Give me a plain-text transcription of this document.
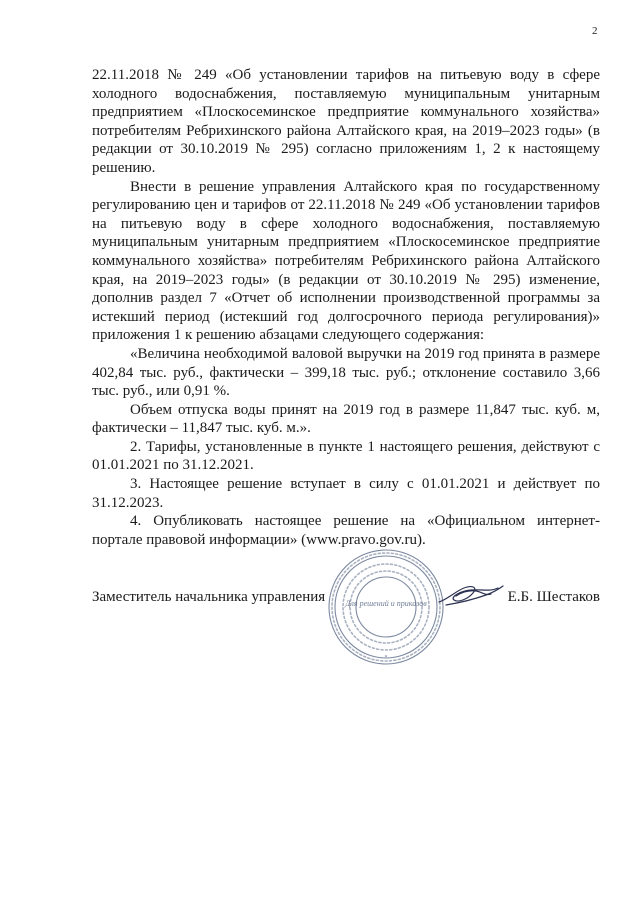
2

22.11.2018 № 249 «Об установлении тарифов на питьевую воду в сфере холодного водоснабжения, поставляемую муниципальным унитарным предприятием «Плоскосеминское предприятие коммунального хозяйства» потребителям Ребрихинского района Алтайского края, на 2019–2023 годы» (в редакции от 30.10.2019 № 295) согласно приложениям 1, 2 к настоящему решению.

Внести в решение управления Алтайского края по государственному регулированию цен и тарифов от 22.11.2018 № 249 «Об установлении тарифов на питьевую воду в сфере холодного водоснабжения, поставляемую муниципальным унитарным предприятием «Плоскосеминское предприятие коммунального хозяйства» потребителям Ребрихинского района Алтайского края, на 2019–2023 годы» (в редакции от 30.10.2019 № 295) изменение, дополнив раздел 7 «Отчет об исполнении производственной программы за истекший период (истекший год долгосрочного периода регулирования)» приложения 1 к решению абзацами следующего содержания:

«Величина необходимой валовой выручки на 2019 год принята в размере 402,84 тыс. руб., фактически – 399,18 тыс. руб.; отклонение составило 3,66 тыс. руб., или 0,91 %.

Объем отпуска воды принят на 2019 год в размере 11,847 тыс. куб. м, фактически – 11,847 тыс. куб. м.».

2. Тарифы, установленные в пункте 1 настоящего решения, действуют с 01.01.2021 по 31.12.2021.

3. Настоящее решение вступает в силу с 01.01.2021 и действует по 31.12.2023.

4. Опубликовать настоящее решение на «Официальном интернет-портале правовой информации» (www.pravo.gov.ru).

Заместитель начальника управления	Е.Б. Шестаков
Для решений и приказов
*
